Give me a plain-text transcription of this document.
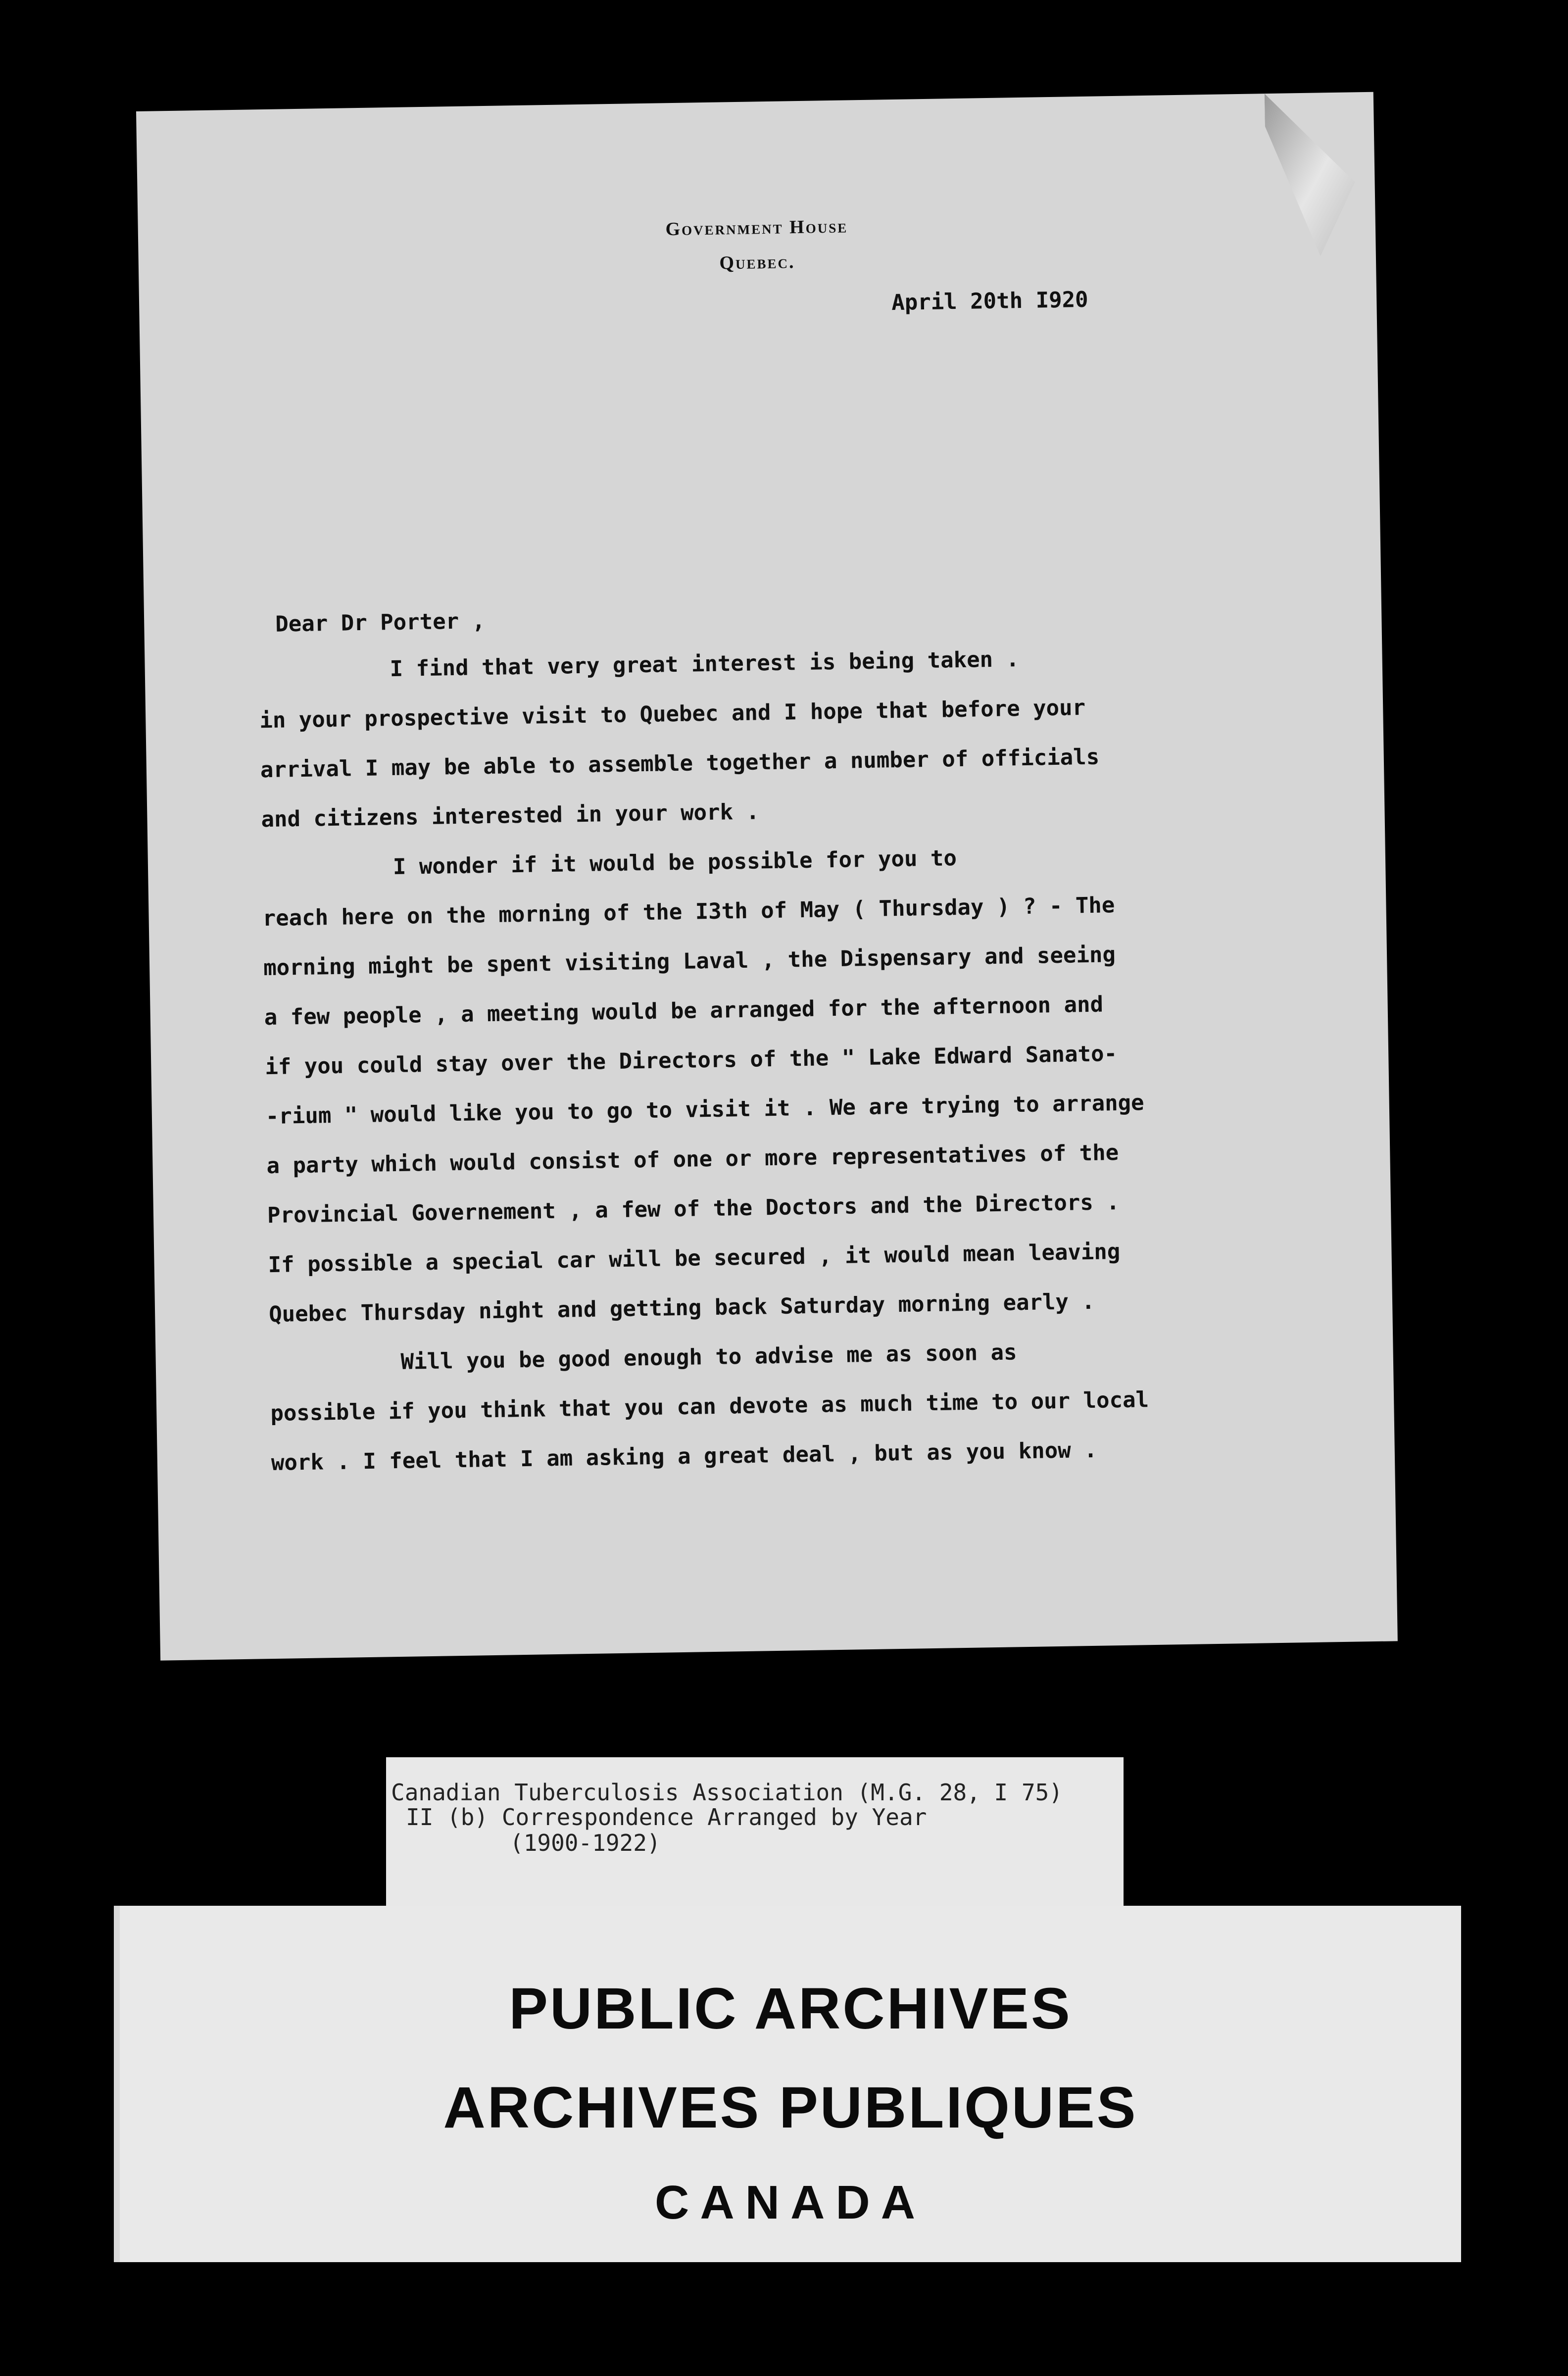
Government House
Quebec.
April 20th I920
Dear Dr Porter ,
I find that very great interest is being taken .
in your prospective visit to Quebec and I hope that before your
arrival I may be able to assemble together a number of officials
and citizens interested in your work .
I wonder if it would be possible for you to
reach here on the morning of the I3th of May ( Thursday ) ? - The
morning might be spent visiting Laval , the Dispensary and seeing
a few people , a meeting would be arranged for the afternoon and
if you could stay over the Directors of the " Lake Edward Sanato-
-rium " would like you to go to visit it . We are trying to arrange
a party which would consist of one or more representatives of the
Provincial Governement , a few of the Doctors and the Directors .
If possible a special car will be secured , it would mean leaving
Quebec Thursday night and getting back Saturday morning early .
Will you be good enough to advise me as soon as
possible if you think that you can devote as much time to our local
work . I feel that I am asking a great deal , but as you know .
Canadian Tuberculosis Association (M.G. 28, I 75)
II (b) Correspondence Arranged by Year
(1900-1922)
PUBLIC ARCHIVES
ARCHIVES PUBLIQUES
CANADA
